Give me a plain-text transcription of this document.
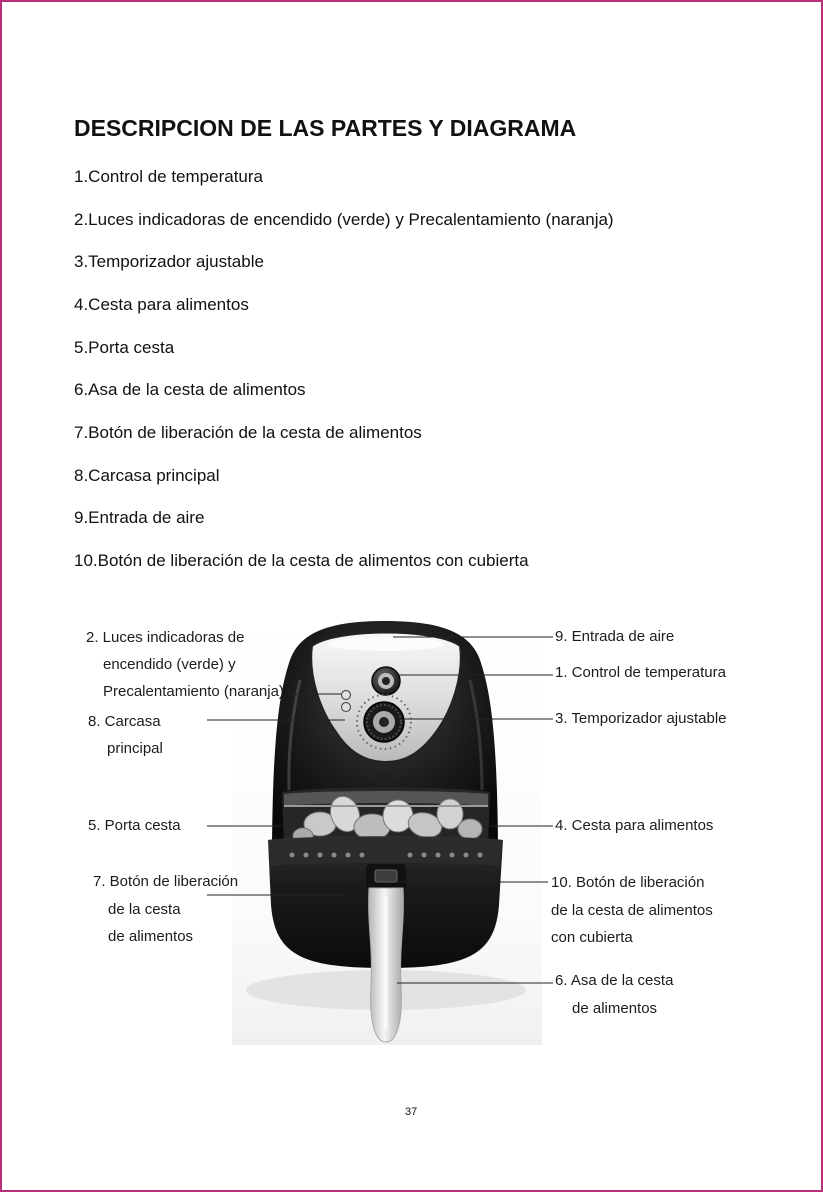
DESCRIPCION DE LAS PARTES Y DIAGRAMA
1.Control de temperatura
2.Luces indicadoras de encendido (verde) y Precalentamiento (naranja)
3.Temporizador ajustable
4.Cesta para alimentos
5.Porta cesta
6.Asa de la cesta de alimentos
7.Botón de liberación de la cesta de alimentos
8.Carcasa principal
9.Entrada de aire
10.Botón de liberación de la cesta de alimentos con cubierta
2. Luces indicadoras de
encendido (verde) y
Precalentamiento (naranja)
8. Carcasa
principal
5. Porta cesta
7. Botón de liberación
de la cesta
de alimentos
9. Entrada de aire
1. Control de temperatura
3. Temporizador ajustable
4. Cesta para alimentos
10. Botón de liberación
de la cesta de alimentos
con cubierta
6. Asa de la cesta
de alimentos
37
